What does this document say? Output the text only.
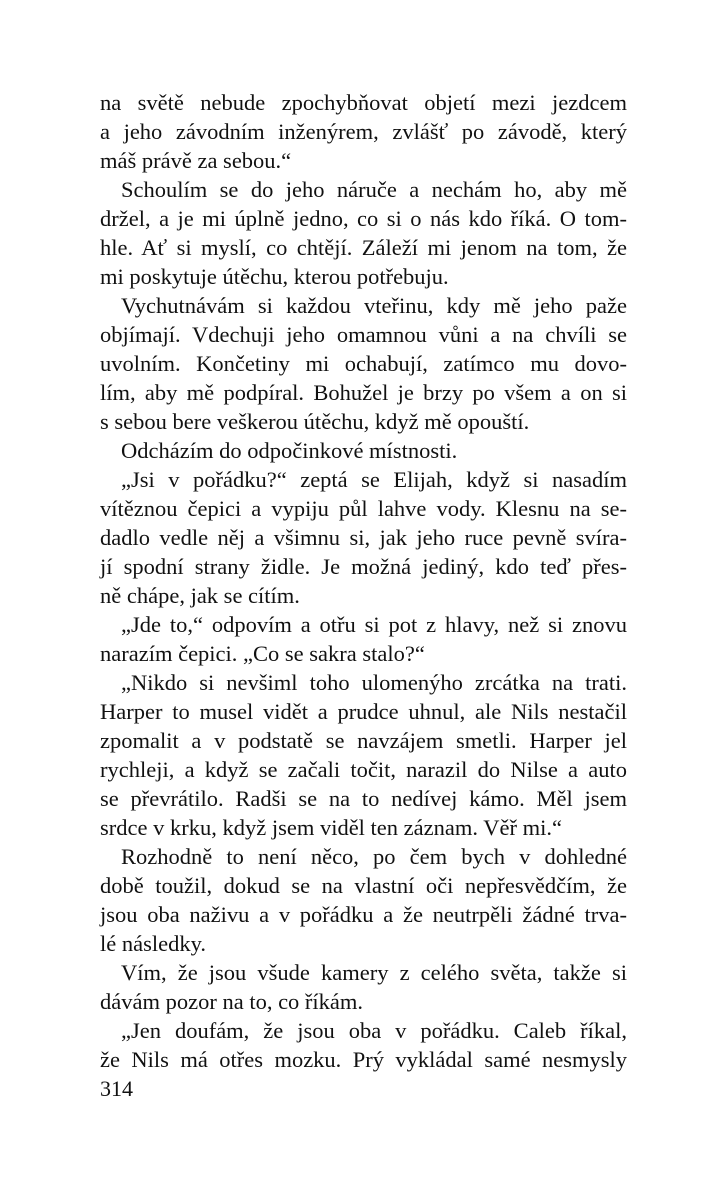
na světě nebude zpochybňovat objetí mezi jezdcem
a jeho závodním inženýrem, zvlášť po závodě, který
máš právě za sebou.“
Schoulím se do jeho náruče a nechám ho, aby mě
držel, a je mi úplně jedno, co si o nás kdo říká. O tom-
hle. Ať si myslí, co chtějí. Záleží mi jenom na tom, že
mi poskytuje útěchu, kterou potřebuju.
Vychutnávám si každou vteřinu, kdy mě jeho paže
objímají. Vdechuji jeho omamnou vůni a na chvíli se
uvolním. Končetiny mi ochabují, zatímco mu dovo-
lím, aby mě podpíral. Bohužel je brzy po všem a on si
s sebou bere veškerou útěchu, když mě opouští.
Odcházím do odpočinkové místnosti.
„Jsi v pořádku?“ zeptá se Elijah, když si nasadím
vítěznou čepici a vypiju půl lahve vody. Klesnu na se-
dadlo vedle něj a všimnu si, jak jeho ruce pevně svíra-
jí spodní strany židle. Je možná jediný, kdo teď přes-
ně chápe, jak se cítím.
„Jde to,“ odpovím a otřu si pot z hlavy, než si znovu
narazím čepici. „Co se sakra stalo?“
„Nikdo si nevšiml toho ulomenýho zrcátka na trati.
Harper to musel vidět a prudce uhnul, ale Nils nestačil
zpomalit a v podstatě se navzájem smetli. Harper jel
rychleji, a když se začali točit, narazil do Nilse a auto
se převrátilo. Radši se na to nedívej kámo. Měl jsem
srdce v krku, když jsem viděl ten záznam. Věř mi.“
Rozhodně to není něco, po čem bych v dohledné
době toužil, dokud se na vlastní oči nepřesvědčím, že
jsou oba naživu a v pořádku a že neutrpěli žádné trva-
lé následky.
Vím, že jsou všude kamery z celého světa, takže si
dávám pozor na to, co říkám.
„Jen doufám, že jsou oba v pořádku. Caleb říkal,
že Nils má otřes mozku. Prý vykládal samé nesmysly
314
